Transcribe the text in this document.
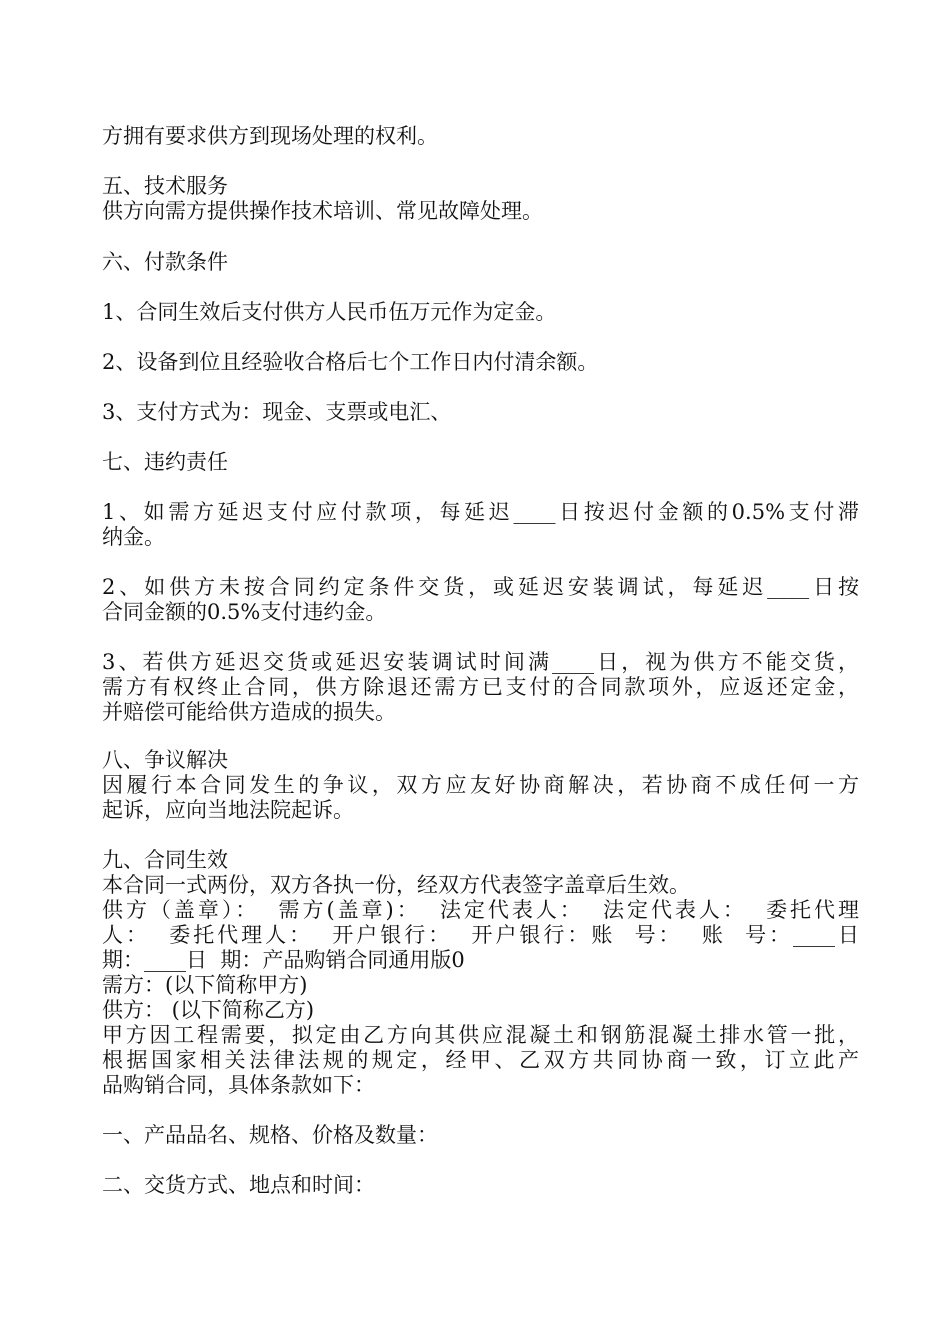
方拥有要求供方到现场处理的权利。

五、技术服务

供方向需方提供操作技术培训、常见故障处理。

六、付款条件

1、合同生效后支付供方人民币伍万元作为定金。

2、设备到位且经验收合格后七个工作日内付清余额。

3、支付方式为：现金、支票或电汇、

七、违约责任

1、如需方延迟支付应付款项，每延迟____日按迟付金额的0.5%支付滞

纳金。

2、如供方未按合同约定条件交货，或延迟安装调试，每延迟____日按

合同金额的0.5%支付违约金。

3、若供方延迟交货或延迟安装调试时间满____日，视为供方不能交货，

需方有权终止合同，供方除退还需方已支付的合同款项外，应返还定金，

并赔偿可能给供方造成的损失。

八、争议解决

因履行本合同发生的争议，双方应友好协商解决，若协商不成任何一方

起诉，应向当地法院起诉。

九、合同生效

本合同一式两份，双方各执一份，经双方代表签字盖章后生效。

供方（盖章）：  需方(盖章)：  法定代表人：  法定代表人：  委托代理

人：  委托代理人：  开户银行：  开户银行：账  号：  账  号：____日

期：____日  期：产品购销合同通用版0

需方：(以下简称甲方)

供方： (以下简称乙方)

甲方因工程需要，拟定由乙方向其供应混凝土和钢筋混凝土排水管一批，

根据国家相关法律法规的规定，经甲、乙双方共同协商一致，订立此产

品购销合同，具体条款如下：

一、产品品名、规格、价格及数量：

二、交货方式、地点和时间：
